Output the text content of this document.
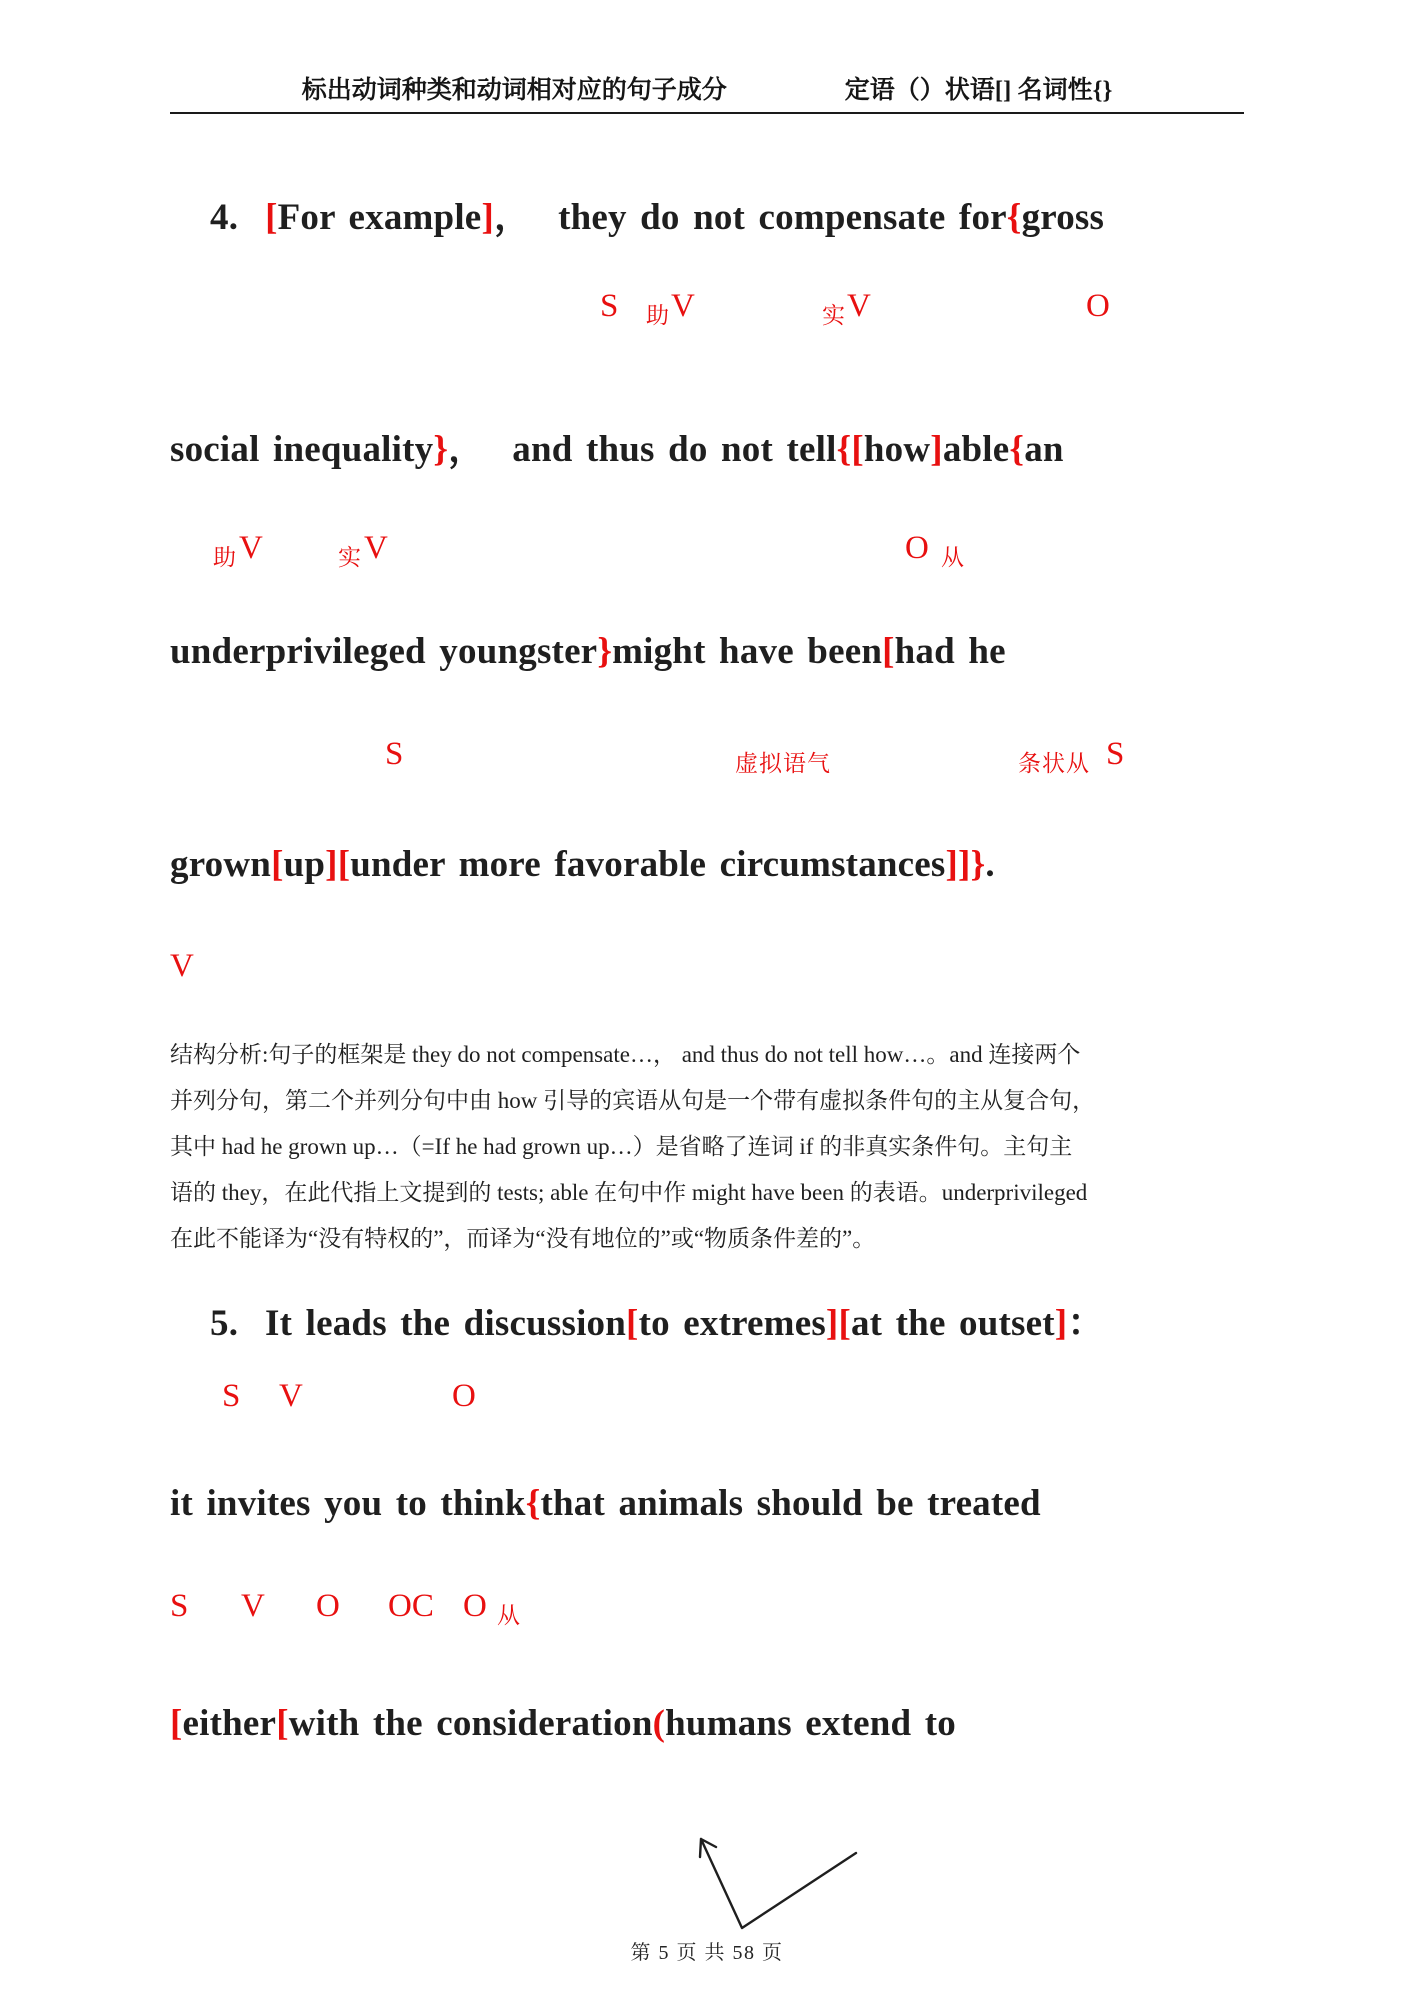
标出动词种类和动词相对应的句子成分	定语（）状语[] 名词性{}
4.  [For example]，  they do not compensate for{gross
S 助 V	实 V	O
social inequality}，  and thus do not tell{[how]able{an
助 V	实 V	O 从
underprivileged youngster}might have been[had he
S	虚拟语气	条状从 S
grown[up][under more favorable circumstances]]}.
V
结构分析:句子的框架是 they do not compensate…， and thus do not tell how…。and 连接两个
并列分句，第二个并列分句中由 how 引导的宾语从句是一个带有虚拟条件句的主从复合句，
其中 had he grown up…（=If he had grown up…）是省略了连词 if 的非真实条件句。主句主
语的 they，在此代指上文提到的 tests; able 在句中作 might have been 的表语。underprivileged
在此不能译为“没有特权的”，而译为“没有地位的”或“物质条件差的”。
5.  It leads the discussion[to extremes][at the outset]：
S V	O
it invites you to think{that animals should be treated
S V O OC O 从
[either[with the consideration(humans extend to
第 5 页 共 58 页
